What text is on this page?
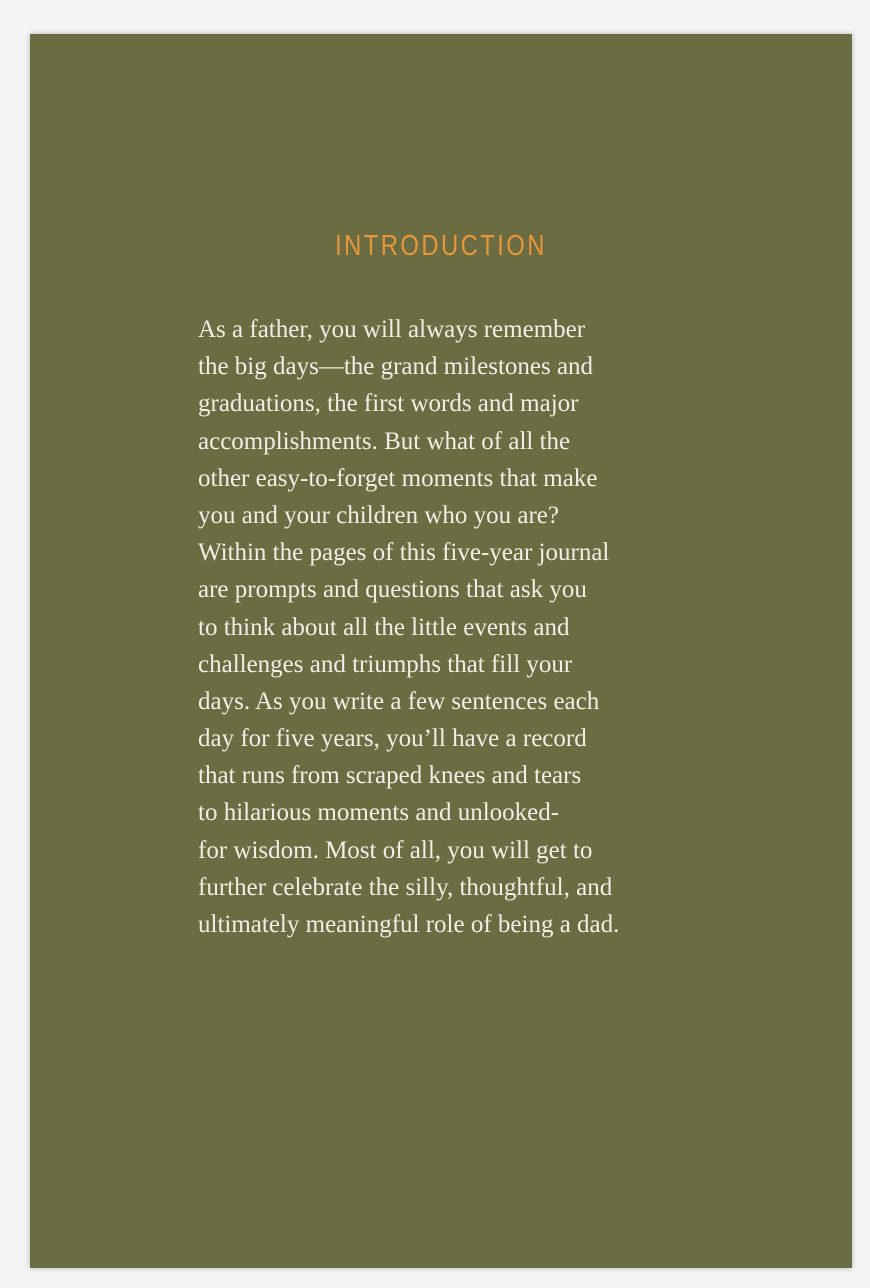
INTRODUCTION
As a father, you will always remember
the big days—the grand milestones and
graduations, the first words and major
accomplishments. But what of all the
other easy-to-forget moments that make
you and your children who you are?
Within the pages of this five-year journal
are prompts and questions that ask you
to think about all the little events and
challenges and triumphs that fill your
days. As you write a few sentences each
day for five years, you’ll have a record
that runs from scraped knees and tears
to hilarious moments and unlooked-
for wisdom. Most of all, you will get to
further celebrate the silly, thoughtful, and
ultimately meaningful role of being a dad.
